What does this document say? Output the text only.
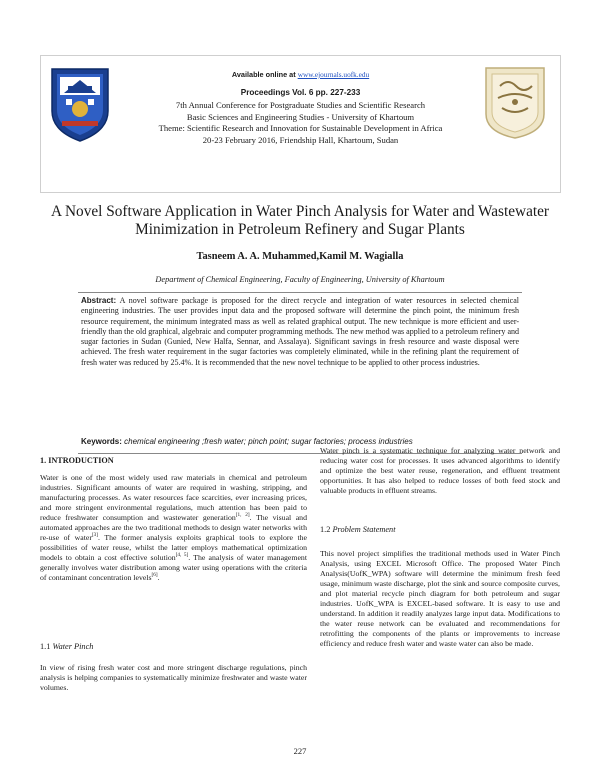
Available online at www.ejournals.uofk.edu
Proceedings Vol. 6 pp. 227-233
7th Annual Conference for Postgraduate Studies and Scientific Research
Basic Sciences and Engineering Studies - University of Khartoum
Theme: Scientific Research and Innovation for Sustainable Development in Africa
20-23 February 2016, Friendship Hall, Khartoum, Sudan
A Novel Software Application in Water Pinch Analysis for Water and Wastewater
Minimization in Petroleum Refinery and Sugar Plants
Tasneem A. A. Muhammed,Kamil M. Wagialla
Department of Chemical Engineering, Faculty of Engineering, University of Khartoum
Abstract: A novel software package is proposed for the direct recycle and integration of water resources in selected chemical engineering industries. The user provides input data and the proposed software will determine the pinch point, the minimum fresh resource requirement, the minimum integrated mass as well as related graphical output. The new technique is more efficient and user-friendly than the old graphical, algebraic and computer programming methods. The new method was applied to a petroleum refinery and sugar factories in Sudan (Gunied, New Halfa, Sennar, and Assalaya). Significant savings in fresh resource and waste disposal were achieved. The fresh water requirement in the sugar factories was completely eliminated, while in the refining plant the requirement of fresh water was reduced by 25.4%. It is recommended that the new novel technique to be applied to other process industries.
Keywords: chemical engineering ;fresh water; pinch point; sugar factories; process industries
1. INTRODUCTION

Water is one of the most widely used raw materials in chemical and petroleum industries. Significant amounts of water are required in washing, stripping, and manufacturing processes. As water resources face scarcities, ever increasing prices, and more stringent environmental regulations, much attention has been paid to reduce freshwater consumption and wastewater generation[1, 2]. The visual and automated approaches are the two traditional methods to design water networks with re-use of water[3]. The former analysis exploits graphical tools to explore the possibilities of water reuse, whilst the latter employs mathematical optimization models to obtain a cost effective solution[4, 5]. The analysis of water management generally involves water distribution among water using operations with the criteria of contaminant concentration levels[6].

1.1 Water Pinch
In view of rising fresh water cost and more stringent discharge regulations, pinch analysis is helping companies to systematically minimize freshwater and waste water volumes.
Water pinch is a systematic technique for analyzing water network and reducing water cost for processes. It uses advanced algorithms to identify and optimize the best water reuse, regeneration, and effluent treatment opportunities. It has also helped to reduce losses of both feed stock and valuable products in effluent streams.
1.2 Problem Statement
This novel project simplifies the traditional methods used in Water Pinch Analysis, using EXCEL Microsoft Office. The proposed Water Pinch Analysis(UofK_WPA) software will determine the minimum fresh feed usage, minimum waste discharge, plot the sink and source composite curves, and plot material recycle pinch diagram for both petroleum and sugar industries. UofK_WPA is EXCEL-based software. It is easy to use and understand. In addition it readily analyzes large input data. Modifications to the water reuse network can be evaluated and recommendations for retrofitting the components of the plants or improvements to increase efficiency and reduce fresh water and waste water can also be made.
227
